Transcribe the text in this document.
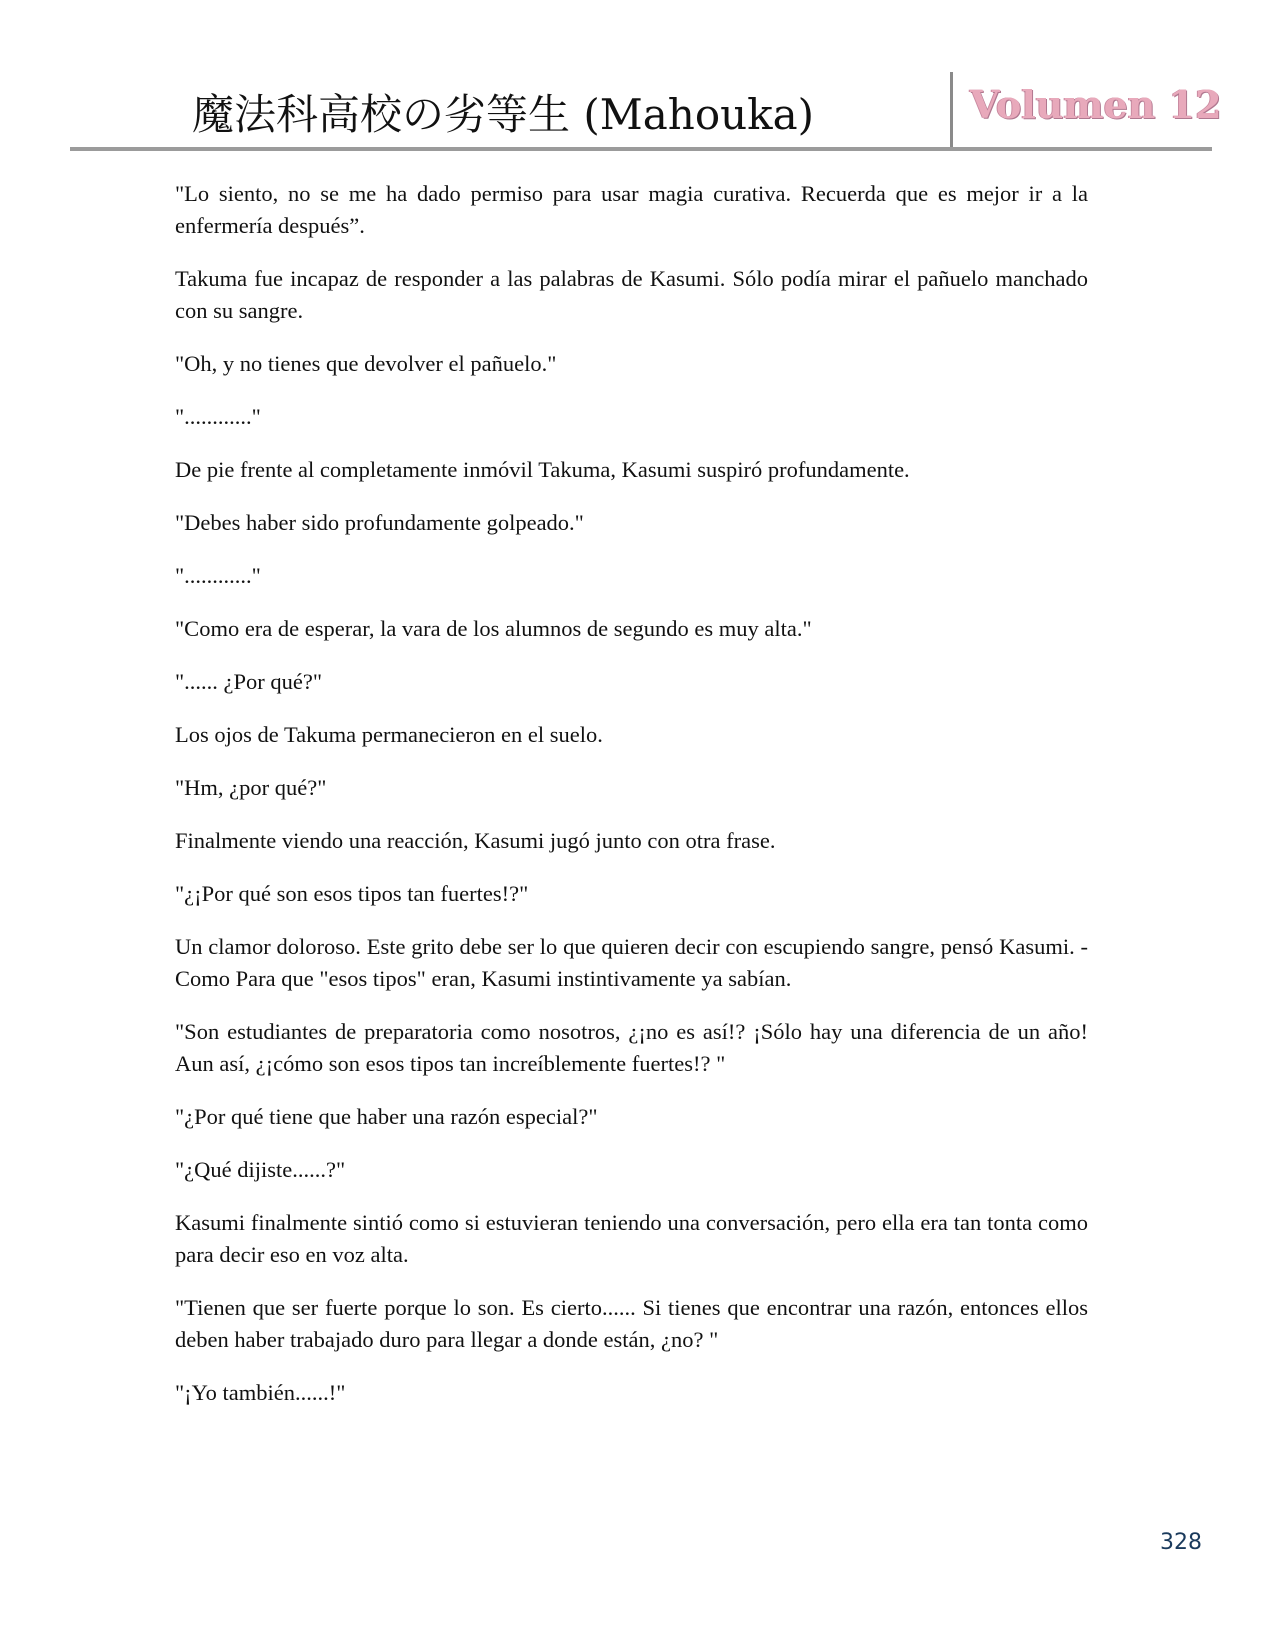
魔法科高校の劣等生 (Mahouka)	Volumen 12

"Lo siento, no se me ha dado permiso para usar magia curativa. Recuerda que es mejor ir a la enfermería después”.

Takuma fue incapaz de responder a las palabras de Kasumi. Sólo podía mirar el pañuelo manchado con su sangre.

"Oh, y no tienes que devolver el pañuelo."

"............"

De pie frente al completamente inmóvil Takuma, Kasumi suspiró profundamente.

"Debes haber sido profundamente golpeado."

"............"

"Como era de esperar, la vara de los alumnos de segundo es muy alta."

"...... ¿Por qué?"

Los ojos de Takuma permanecieron en el suelo.

"Hm, ¿por qué?"

Finalmente viendo una reacción, Kasumi jugó junto con otra frase.

"¿¡Por qué son esos tipos tan fuertes!?"

Un clamor doloroso. Este grito debe ser lo que quieren decir con escupiendo sangre, pensó Kasumi. -Como Para que "esos tipos" eran, Kasumi instintivamente ya sabían.

"Son estudiantes de preparatoria como nosotros, ¿¡no es así!? ¡Sólo hay una diferencia de un año! Aun así, ¿¡cómo son esos tipos tan increíblemente fuertes!? "

"¿Por qué tiene que haber una razón especial?"

"¿Qué dijiste......?"

Kasumi finalmente sintió como si estuvieran teniendo una conversación, pero ella era tan tonta como para decir eso en voz alta.

"Tienen que ser fuerte porque lo son. Es cierto...... Si tienes que encontrar una razón, entonces ellos deben haber trabajado duro para llegar a donde están, ¿no? "

"¡Yo también......!"

328
